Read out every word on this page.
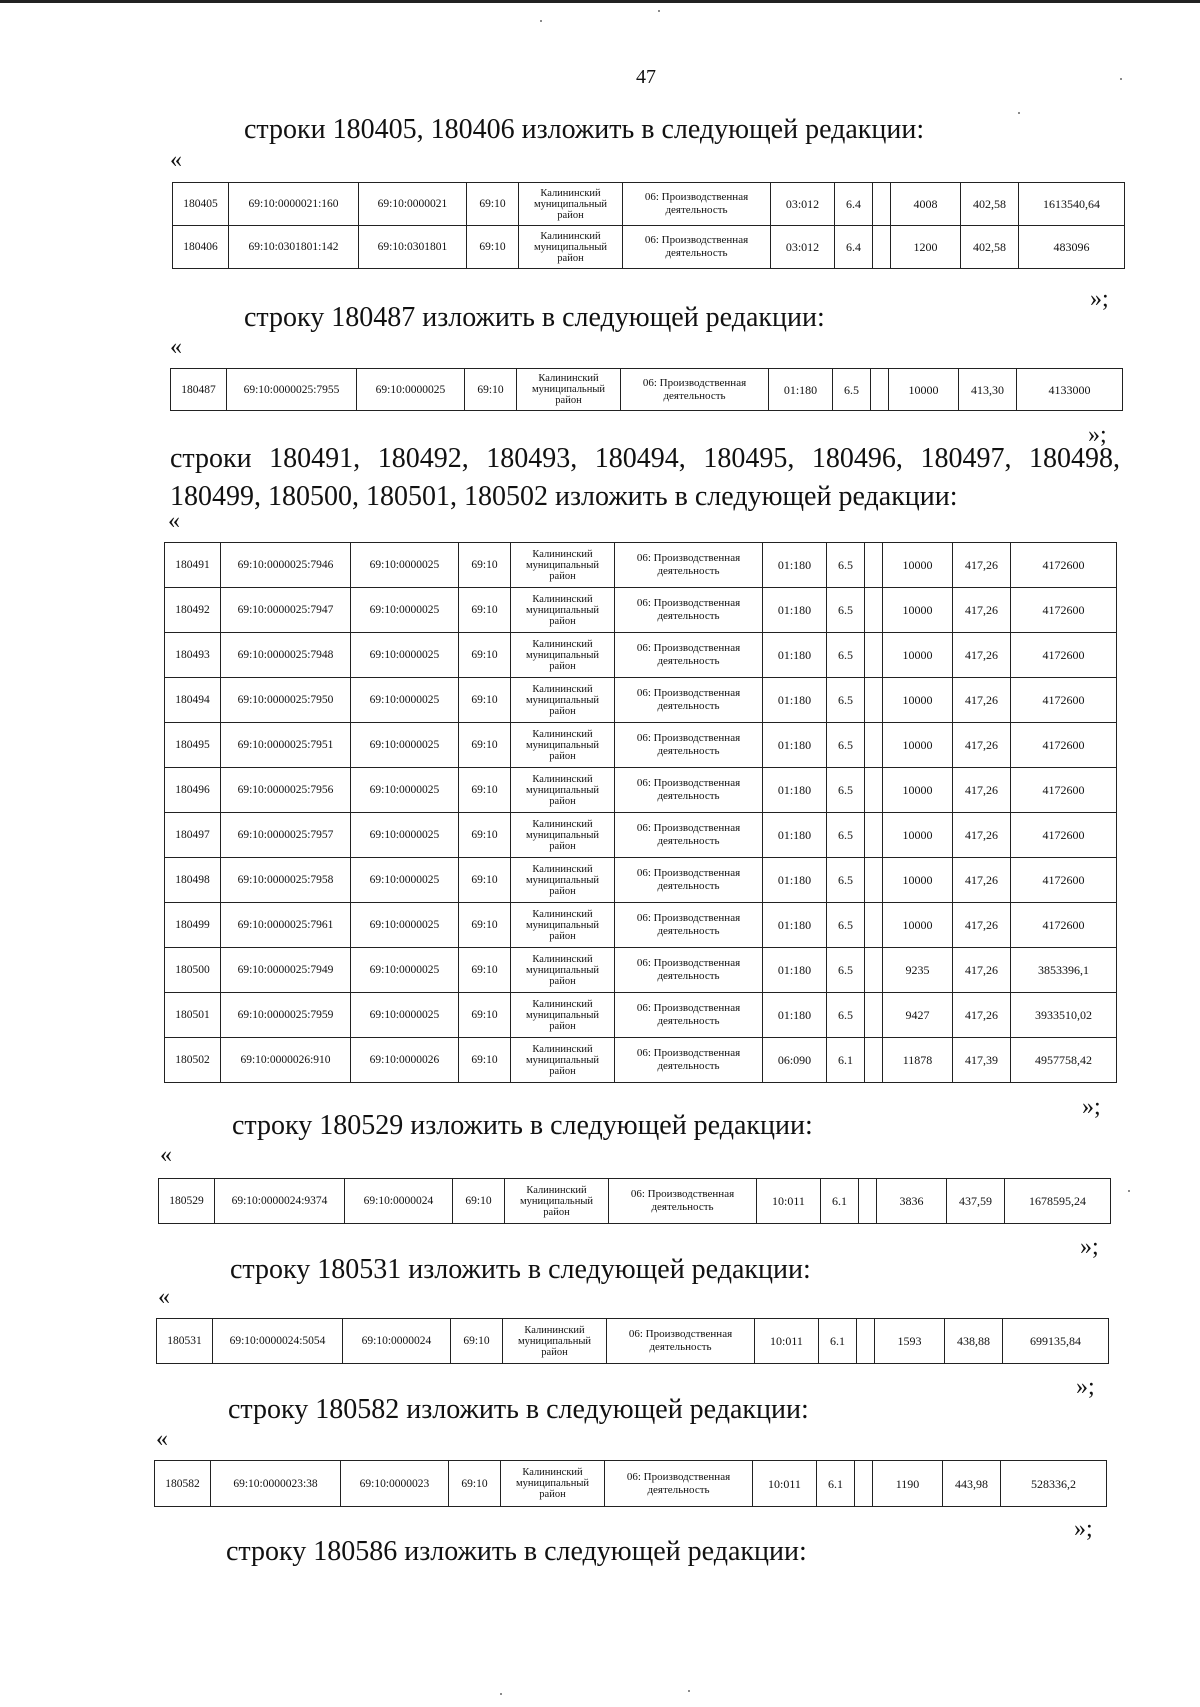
47
строки 180405, 180406 изложить в следующей редакции:
«
180405	69:10:0000021:160	69:10:0000021	69:10	Калининский муниципальный район	06: Производственная деятельность	03:012	6.4		4008	402,58	1613540,64
180406	69:10:0301801:142	69:10:0301801	69:10	Калининский муниципальный район	06: Производственная деятельность	03:012	6.4		1200	402,58	483096
»;
строку 180487 изложить в следующей редакции:
«
180487	69:10:0000025:7955	69:10:0000025	69:10	Калининский муниципальный район	06: Производственная деятельность	01:180	6.5		10000	413,30	4133000
»;
строки 180491, 180492, 180493, 180494, 180495, 180496, 180497, 180498, 180499, 180500, 180501, 180502 изложить в следующей редакции:
«
180491	69:10:0000025:7946	69:10:0000025	69:10	Калининский муниципальный район	06: Производственная деятельность	01:180	6.5		10000	417,26	4172600
180492	69:10:0000025:7947	69:10:0000025	69:10	Калининский муниципальный район	06: Производственная деятельность	01:180	6.5		10000	417,26	4172600
180493	69:10:0000025:7948	69:10:0000025	69:10	Калининский муниципальный район	06: Производственная деятельность	01:180	6.5		10000	417,26	4172600
180494	69:10:0000025:7950	69:10:0000025	69:10	Калининский муниципальный район	06: Производственная деятельность	01:180	6.5		10000	417,26	4172600
180495	69:10:0000025:7951	69:10:0000025	69:10	Калининский муниципальный район	06: Производственная деятельность	01:180	6.5		10000	417,26	4172600
180496	69:10:0000025:7956	69:10:0000025	69:10	Калининский муниципальный район	06: Производственная деятельность	01:180	6.5		10000	417,26	4172600
180497	69:10:0000025:7957	69:10:0000025	69:10	Калининский муниципальный район	06: Производственная деятельность	01:180	6.5		10000	417,26	4172600
180498	69:10:0000025:7958	69:10:0000025	69:10	Калининский муниципальный район	06: Производственная деятельность	01:180	6.5		10000	417,26	4172600
180499	69:10:0000025:7961	69:10:0000025	69:10	Калининский муниципальный район	06: Производственная деятельность	01:180	6.5		10000	417,26	4172600
180500	69:10:0000025:7949	69:10:0000025	69:10	Калининский муниципальный район	06: Производственная деятельность	01:180	6.5		9235	417,26	3853396,1
180501	69:10:0000025:7959	69:10:0000025	69:10	Калининский муниципальный район	06: Производственная деятельность	01:180	6.5		9427	417,26	3933510,02
180502	69:10:0000026:910	69:10:0000026	69:10	Калининский муниципальный район	06: Производственная деятельность	06:090	6.1		11878	417,39	4957758,42
»;
строку 180529 изложить в следующей редакции:
«
180529	69:10:0000024:9374	69:10:0000024	69:10	Калининский муниципальный район	06: Производственная деятельность	10:011	6.1		3836	437,59	1678595,24
»;
строку 180531 изложить в следующей редакции:
«
180531	69:10:0000024:5054	69:10:0000024	69:10	Калининский муниципальный район	06: Производственная деятельность	10:011	6.1		1593	438,88	699135,84
»;
строку 180582 изложить в следующей редакции:
«
180582	69:10:0000023:38	69:10:0000023	69:10	Калининский муниципальный район	06: Производственная деятельность	10:011	6.1		1190	443,98	528336,2
»;
строку 180586 изложить в следующей редакции:
